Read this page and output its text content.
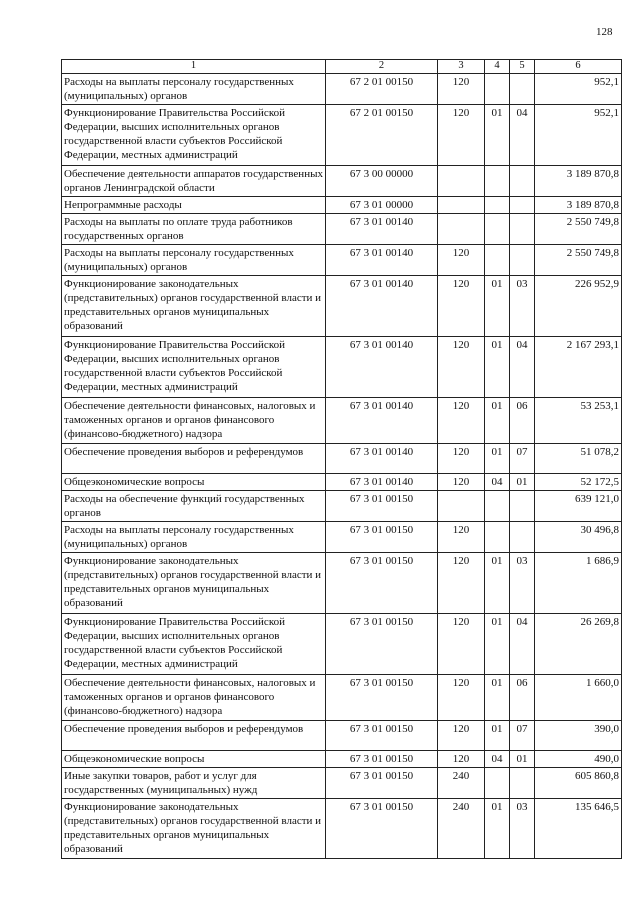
128
1	2	3	4	5	6
Расходы на выплаты персоналу государственных (муниципальных) органов	67 2 01 00150	120			952,1
Функционирование Правительства Российской Федерации, высших исполнительных органов государственной власти субъектов Российской Федерации, местных администраций	67 2 01 00150	120	01	04	952,1
Обеспечение деятельности аппаратов государственных органов Ленинградской области	67 3 00 00000				3 189 870,8
Непрограммные расходы	67 3 01 00000				3 189 870,8
Расходы на выплаты по оплате труда работников государственных органов	67 3 01 00140				2 550 749,8
Расходы на выплаты персоналу государственных (муниципальных) органов	67 3 01 00140	120			2 550 749,8
Функционирование законодательных (представительных) органов государственной власти и представительных органов муниципальных образований	67 3 01 00140	120	01	03	226 952,9
Функционирование Правительства Российской Федерации, высших исполнительных органов государственной власти субъектов Российской Федерации, местных администраций	67 3 01 00140	120	01	04	2 167 293,1
Обеспечение деятельности финансовых, налоговых и таможенных органов и органов финансового (финансово-бюджетного) надзора	67 3 01 00140	120	01	06	53 253,1
Обеспечение проведения выборов и референдумов	67 3 01 00140	120	01	07	51 078,2
Общеэкономические вопросы	67 3 01 00140	120	04	01	52 172,5
Расходы на обеспечение функций государственных органов	67 3 01 00150				639 121,0
Расходы на выплаты персоналу государственных (муниципальных) органов	67 3 01 00150	120			30 496,8
Функционирование законодательных (представительных) органов государственной власти и представительных органов муниципальных образований	67 3 01 00150	120	01	03	1 686,9
Функционирование Правительства Российской Федерации, высших исполнительных органов государственной власти субъектов Российской Федерации, местных администраций	67 3 01 00150	120	01	04	26 269,8
Обеспечение деятельности финансовых, налоговых и таможенных органов и органов финансового (финансово-бюджетного) надзора	67 3 01 00150	120	01	06	1 660,0
Обеспечение проведения выборов и референдумов	67 3 01 00150	120	01	07	390,0
Общеэкономические вопросы	67 3 01 00150	120	04	01	490,0
Иные закупки товаров, работ и услуг для государственных (муниципальных) нужд	67 3 01 00150	240			605 860,8
Функционирование законодательных (представительных) органов государственной власти и представительных органов муниципальных образований	67 3 01 00150	240	01	03	135 646,5
